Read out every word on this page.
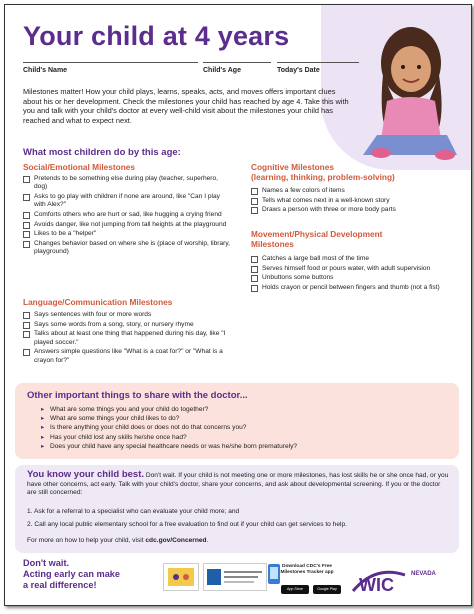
Your child at 4 years
Child's Name	Child's Age	Today's Date
Milestones matter! How your child plays, learns, speaks, acts, and moves offers important clues about his or her development. Check the milestones your child has reached by age 4. Take this with you and talk with your child's doctor at every well-child visit about the milestones your child has reached and what to expect next.
What most children do by this age:
Social/Emotional Milestones
Pretends to be something else during play (teacher, superhero, dog)
Asks to go play with children if none are around, like "Can I play with Alex?"
Comforts others who are hurt or sad, like hugging a crying friend
Avoids danger, like not jumping from tall heights at the playground
Likes to be a "helper"
Changes behavior based on where she is (place of worship, library, playground)
Language/Communication Milestones
Says sentences with four or more words
Says some words from a song, story, or nursery rhyme
Talks about at least one thing that happened during his day, like "I played soccer."
Answers simple questions like "What is a coat for?" or "What is a crayon for?"
Cognitive Milestones
(learning, thinking, problem-solving)
Names a few colors of items
Tells what comes next in a well-known story
Draws a person with three or more body parts
Movement/Physical Development
Milestones
Catches a large ball most of the time
Serves himself food or pours water, with adult supervision
Unbuttons some buttons
Holds crayon or pencil between fingers and thumb (not a fist)
Other important things to share with the doctor...
▸ What are some things you and your child do together?
▸ What are some things your child likes to do?
▸ Is there anything your child does or does not do that concerns you?
▸ Has your child lost any skills he/she once had?
▸ Does your child have any special healthcare needs or was he/she born prematurely?
You know your child best. Don't wait. If your child is not meeting one or more milestones, has lost skills he or she once had, or you have other concerns, act early. Talk with your child's doctor, share your concerns, and ask about developmental screening. If you or the doctor are still concerned:
1. Ask for a referral to a specialist who can evaluate your child more; and
2. Call any local public elementary school for a free evaluation to find out if your child can get services to help.
For more on how to help your child, visit cdc.gov/Concerned.
Don't wait.
Acting early can make
a real difference!
Download CDC's Free Milestones Tracker app
App Store	Google Play WIC
NEVADA
